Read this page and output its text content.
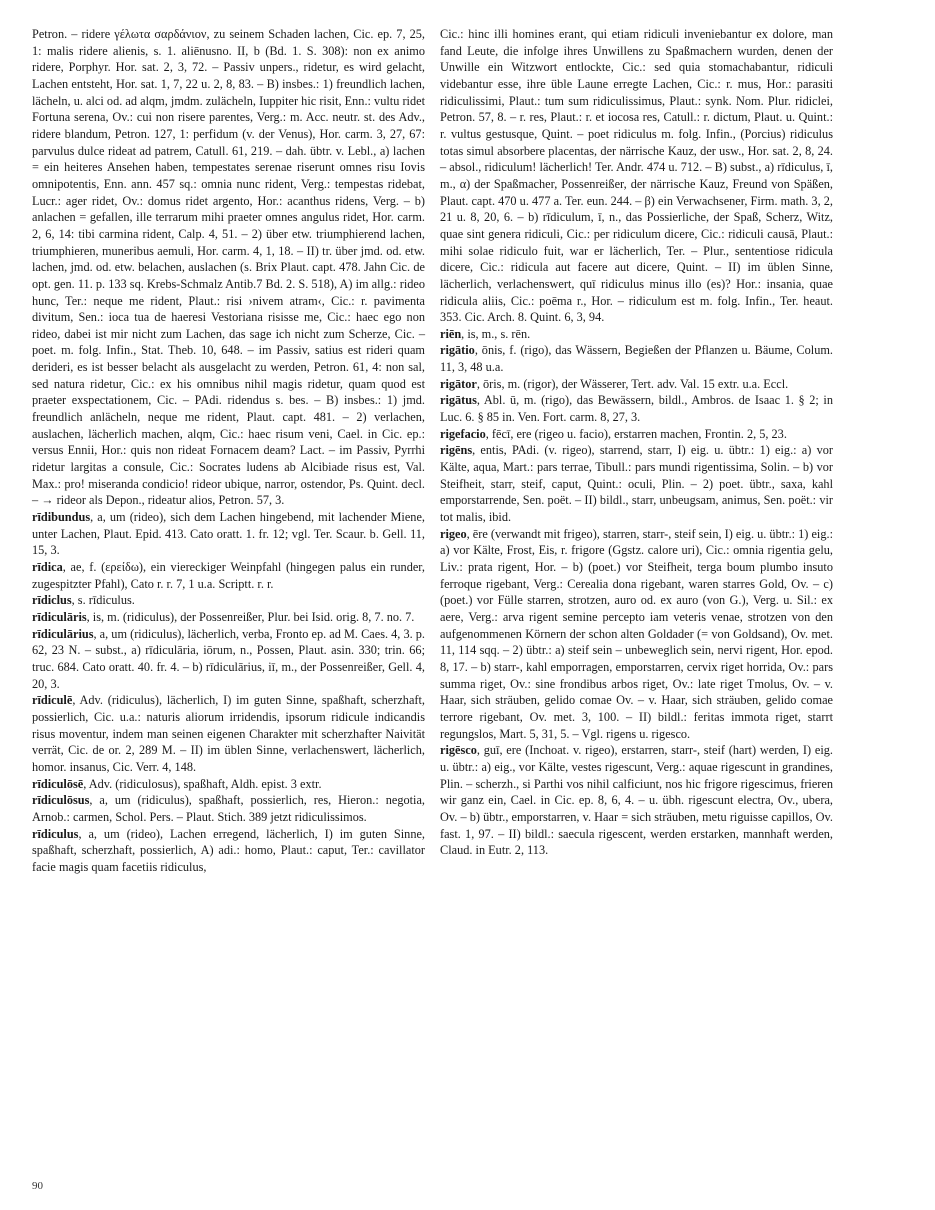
Petron. – ridere γέλωτα σαρδάνιον, zu seinem Schaden lachen, Cic. ep. 7, 25, 1: malis ridere alienis, s. 1. aliēnusno. II, b (Bd. 1. S. 308): non ex animo ridere, Porphyr. Hor. sat. 2, 3, 72. – Passiv unpers., ridetur, es wird gelacht, Lachen entsteht, Hor. sat. 1, 7, 22 u. 2, 8, 83. – B) insbes.: 1) freundlich lachen, lächeln, u. alci od. ad alqm, jmdm. zulächeln, Iuppiter hic risit, Enn.: vultu ridet Fortuna serena, Ov.: cui non risere parentes, Verg.: m. Acc. neutr. st. des Adv., ridere blandum, Petron. 127, 1: perfidum (v. der Venus), Hor. carm. 3, 27, 67: parvulus dulce rideat ad patrem, Catull. 61, 219. – dah. übtr. v. Lebl., a) lachen = ein heiteres Ansehen haben, tempestates serenae riserunt omnes risu Iovis omnipotentis, Enn. ann. 457 sq.: omnia nunc rident, Verg.: tempestas ridebat, Lucr.: ager ridet, Ov.: domus ridet argento, Hor.: acanthus ridens, Verg. – b) anlachen = gefallen, ille terrarum mihi praeter omnes angulus ridet, Hor. carm. 2, 6, 14: tibi carmina rident, Calp. 4, 51. – 2) über etw. triumphierend lachen, triumphieren, muneribus aemuli, Hor. carm. 4, 1, 18. – II) tr. über jmd. od. etw. lachen, jmd. od. etw. belachen, auslachen (s. Brix Plaut. capt. 478. Jahn Cic. de opt. gen. 11. p. 133 sq. Krebs-Schmalz Antib.7 Bd. 2. S. 518), A) im allg.: rideo hunc, Ter.: neque me rident, Plaut.: risi ›nivem atram‹, Cic.: r. pavimenta divitum, Sen.: ioca tua de haeresi Vestoriana risisse me, Cic.: haec ego non rideo, dabei ist mir nicht zum Lachen, das sage ich nicht zum Scherze, Cic. – poet. m. folg. Infin., Stat. Theb. 10, 648. – im Passiv, satius est rideri quam derideri, es ist besser belacht als ausgelacht zu werden, Petron. 61, 4: non sal, sed natura ridetur, Cic.: ex his omnibus nihil magis ridetur, quam quod est praeter exspectationem, Cic. – PAdi. ridendus s. bes. – B) insbes.: 1) jmd. freundlich anlächeln, neque me rident, Plaut. capt. 481. – 2) verlachen, auslachen, lächerlich machen, alqm, Cic.: haec risum veni, Cael. in Cic. ep.: versus Ennii, Hor.: quis non rideat Fornacem deam? Lact. – im Passiv, Pyrrhi ridetur largitas a consule, Cic.: Socrates ludens ab Alcibiade risus est, Val. Max.: pro! miseranda condicio! rideor ubique, narror, ostendor, Ps. Quint. decl. – → rideor als Depon., rideatur alios, Petron. 57, 3.

rīdibundus, a, um (rideo), sich dem Lachen hingebend, mit lachender Miene, unter Lachen, Plaut. Epid. 413. Cato oratt. 1. fr. 12; vgl. Ter. Scaur. b. Gell. 11, 15, 3.

rīdica, ae, f. (ερείδω), ein viereckiger Weinpfahl (hingegen palus ein runder, zugespitzter Pfahl), Cato r. r. 7, 1 u.a. Scriptt. r. r.

rīdiclus, s. rīdiculus.

rīdiculāris, is, m. (ridiculus), der Possenreißer, Plur. bei Isid. orig. 8, 7. no. 7.

rīdiculārius, a, um (ridiculus), lächerlich, verba, Fronto ep. ad M. Caes. 4, 3. p. 62, 23 N. – subst., a) rīdiculāria, iōrum, n., Possen, Plaut. asin. 330; trin. 66; truc. 684. Cato oratt. 40. fr. 4. – b) rīdiculārius, iī, m., der Possenreißer, Gell. 4, 20, 3.

rīdiculē, Adv. (ridiculus), lächerlich, I) im guten Sinne, spaßhaft, scherzhaft, possierlich, Cic. u.a.: naturis aliorum irridendis, ipsorum ridicule indicandis risus moventur, indem man seinen eigenen Charakter mit scherzhafter Naivität verrät, Cic. de or. 2, 289 M. – II) im üblen Sinne, verlachenswert, lächerlich, homor. insanus, Cic. Verr. 4, 148.

rīdiculōsē, Adv. (ridiculosus), spaßhaft, Aldh. epist. 3 extr.

rīdiculōsus, a, um (ridiculus), spaßhaft, possierlich, res, Hieron.: negotia, Arnob.: carmen, Schol. Pers. – Plaut. Stich. 389 jetzt ridiculissimos.

rīdiculus, a, um (rideo), Lachen erregend, lächerlich, I) im guten Sinne, spaßhaft, scherzhaft, possierlich, A) adi.: homo, Plaut.: caput, Ter.: cavillator facie magis quam facetiis ridiculus,

Cic.: hinc illi homines erant, qui etiam ridiculi inveniebantur ex dolore, man fand Leute, die infolge ihres Unwillens zu Spaßmachern wurden, denen der Unwille ein Witzwort entlockte, Cic.: sed quia stomachabantur, ridiculi videbantur esse, ihre üble Laune erregte Lachen, Cic.: r. mus, Hor.: parasiti ridiculissimi, Plaut.: tum sum ridiculissimus, Plaut.: synk. Nom. Plur. ridiclei, Petron. 57, 8. – r. res, Plaut.: r. et iocosa res, Catull.: r. dictum, Plaut. u. Quint.: r. vultus gestusque, Quint. – poet ridiculus m. folg. Infin., (Porcius) ridiculus totas simul absorbere placentas, der närrische Kauz, der usw., Hor. sat. 2, 8, 24. – absol., ridiculum! lächerlich! Ter. Andr. 474 u. 712. – B) subst., a) rīdiculus, ī, m., α) der Spaßmacher, Possenreißer, der närrische Kauz, Freund von Späßen, Plaut. capt. 470 u. 477 a. Ter. eun. 244. – β) ein Verwachsener, Firm. math. 3, 2, 21 u. 8, 20, 6. – b) rīdiculum, ī, n., das Possierliche, der Spaß, Scherz, Witz, quae sint genera ridiculi, Cic.: per ridiculum dicere, Cic.: ridiculi causā, Plaut.: mihi solae ridiculo fuit, war er lächerlich, Ter. – Plur., sententiose ridicula dicere, Cic.: ridicula aut facere aut dicere, Quint. – II) im üblen Sinne, lächerlich, verlachenswert, quī ridiculus minus illo (es)? Hor.: insania, quae ridicula aliis, Cic.: poēma r., Hor. – ridiculum est m. folg. Infin., Ter. heaut. 353. Cic. Arch. 8. Quint. 6, 3, 94.

riēn, is, m., s. rēn.

rigātio, ōnis, f. (rigo), das Wässern, Begießen der Pflanzen u. Bäume, Colum. 11, 3, 48 u.a.

rigātor, ōris, m. (rigor), der Wässerer, Tert. adv. Val. 15 extr. u.a. Eccl.

rigātus, Abl. ū, m. (rigo), das Bewässern, bildl., Ambros. de Isaac 1. § 2; in Luc. 6. § 85 in. Ven. Fort. carm. 8, 27, 3.

rigefacio, fēcī, ere (rigeo u. facio), erstarren machen, Frontin. 2, 5, 23.

rigēns, entis, PAdi. (v. rigeo), starrend, starr, I) eig. u. übtr.: 1) eig.: a) vor Kälte, aqua, Mart.: pars terrae, Tibull.: pars mundi rigentissima, Solin. – b) vor Steifheit, starr, steif, caput, Quint.: oculi, Plin. – 2) poet. übtr., saxa, kahl emporstarrende, Sen. poët. – II) bildl., starr, unbeugsam, animus, Sen. poët.: vir tot malis, ibid.

rigeo, ēre (verwandt mit frigeo), starren, starr-, steif sein, I) eig. u. übtr.: 1) eig.: a) vor Kälte, Frost, Eis, r. frigore (Ggstz. calore uri), Cic.: omnia rigentia gelu, Liv.: prata rigent, Hor. – b) (poet.) vor Steifheit, terga boum plumbo insuto ferroque rigebant, Verg.: Cerealia dona rigebant, waren starres Gold, Ov. – c) (poet.) vor Fülle starren, strotzen, auro od. ex auro (von G.), Verg. u. Sil.: ex aere, Verg.: arva rigent semine percepto iam veteris venae, strotzen von den aufgenommenen Körnern der schon alten Goldader (= von Goldsand), Ov. met. 11, 114 sqq. – 2) übtr.: a) steif sein – unbeweglich sein, nervi rigent, Hor. epod. 8, 17. – b) starr-, kahl emporragen, emporstarren, cervix riget horrida, Ov.: pars summa riget, Ov.: sine frondibus arbos riget, Ov.: late riget Tmolus, Ov. – v. Haar, sich sträuben, gelido comae Ov. – v. Haar, sich sträuben, gelido comae terrore rigebant, Ov. met. 3, 100. – II) bildl.: feritas immota riget, starrt regungslos, Mart. 5, 31, 5. – Vgl. rigens u. rigesco.

rigēsco, guī, ere (Inchoat. v. rigeo), erstarren, starr-, steif (hart) werden, I) eig. u. übtr.: a) eig., vor Kälte, vestes rigescunt, Verg.: aquae rigescunt in grandines, Plin. – scherzh., si Parthi vos nihil calficiunt, nos hic frigore rigescimus, frieren wir ganz ein, Cael. in Cic. ep. 8, 6, 4. – u. übh. rigescunt electra, Ov., ubera, Ov. – b) übtr., emporstarren, v. Haar = sich sträuben, metu riguisse capillos, Ov. fast. 1, 97. – II) bildl.: saecula rigescent, werden erstarken, mannhaft werden, Claud. in Eutr. 2, 113.

90
